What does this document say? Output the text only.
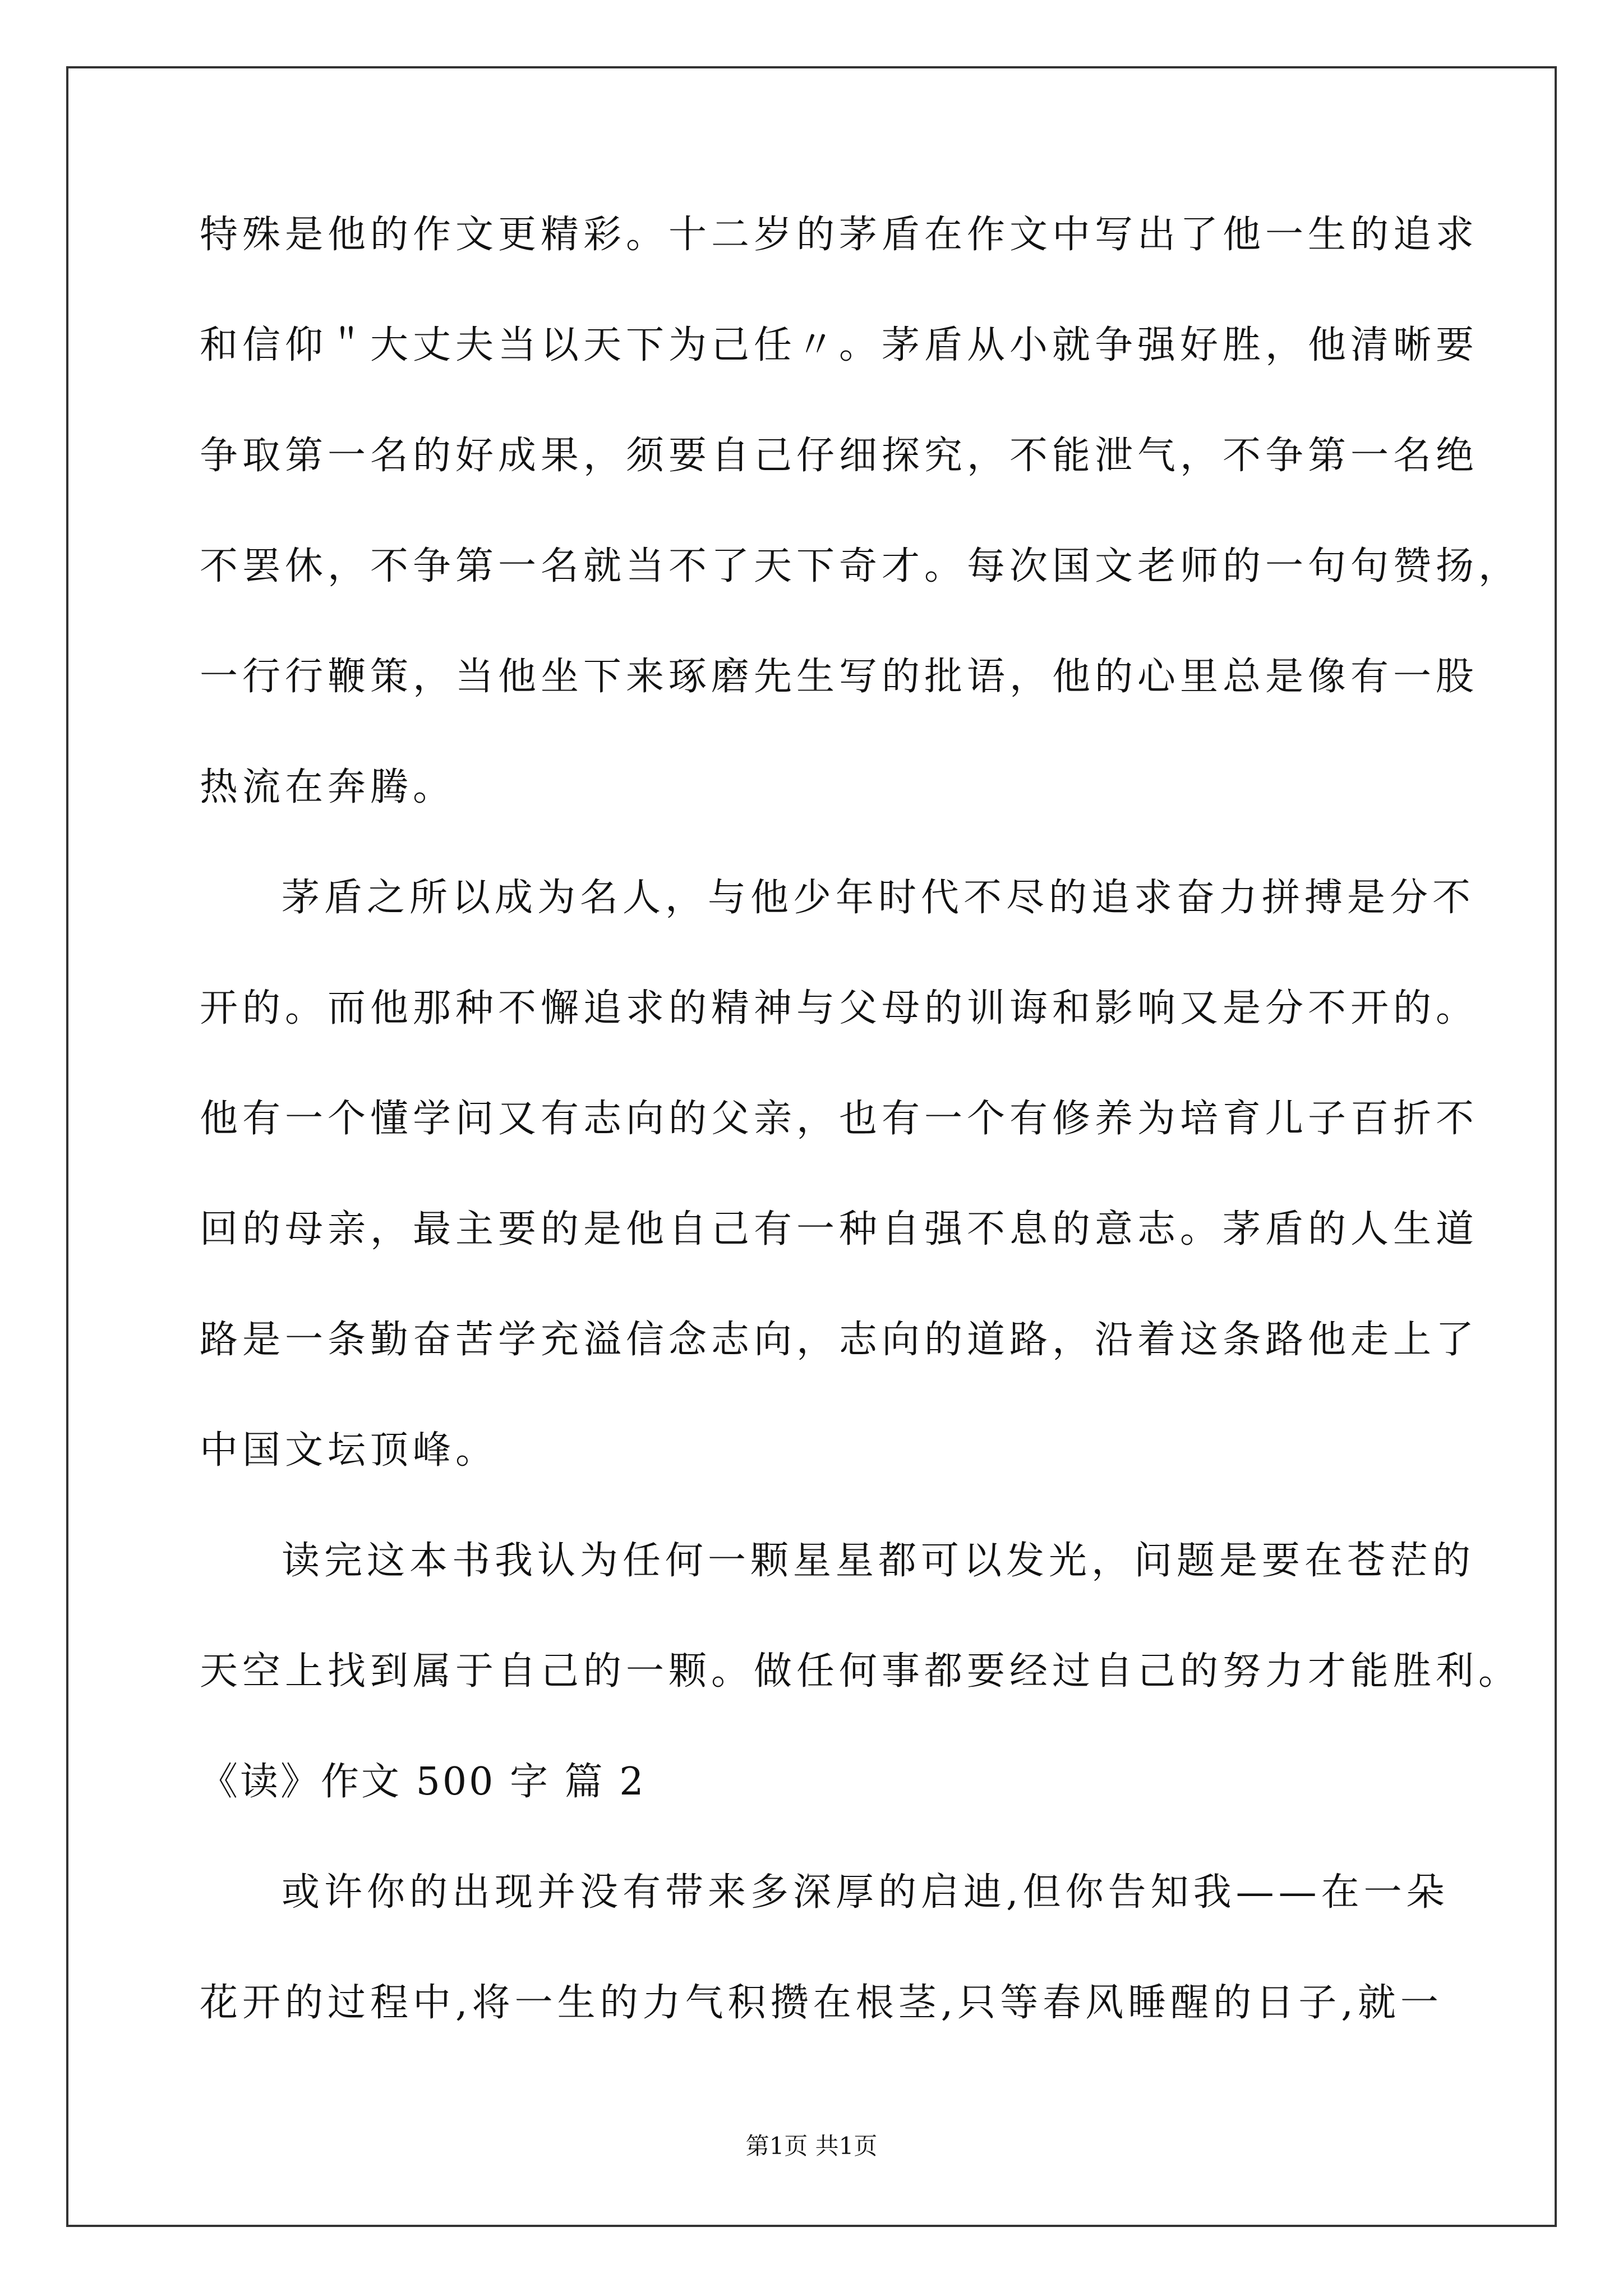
特殊是他的作文更精彩。十二岁的茅盾在作文中写出了他一生的追求

和信仰＂大丈夫当以天下为己任〃。茅盾从小就争强好胜，他清晰要

争取第一名的好成果，须要自己仔细探究，不能泄气，不争第一名绝

不罢休，不争第一名就当不了天下奇才。每次国文老师的一句句赞扬，

一行行鞭策，当他坐下来琢磨先生写的批语，他的心里总是像有一股

热流在奔腾。

茅盾之所以成为名人，与他少年时代不尽的追求奋力拼搏是分不

开的。而他那种不懈追求的精神与父母的训诲和影响又是分不开的。

他有一个懂学问又有志向的父亲，也有一个有修养为培育儿子百折不

回的母亲，最主要的是他自己有一种自强不息的意志。茅盾的人生道

路是一条勤奋苦学充溢信念志向，志向的道路，沿着这条路他走上了

中国文坛顶峰。

读完这本书我认为任何一颗星星都可以发光，问题是要在苍茫的

天空上找到属于自己的一颗。做任何事都要经过自己的努力才能胜利。

《读》作文 500 字 篇 2

或许你的出现并没有带来多深厚的启迪,但你告知我——在一朵

花开的过程中,将一生的力气积攒在根茎,只等春风睡醒的日子,就一

第1页 共1页
